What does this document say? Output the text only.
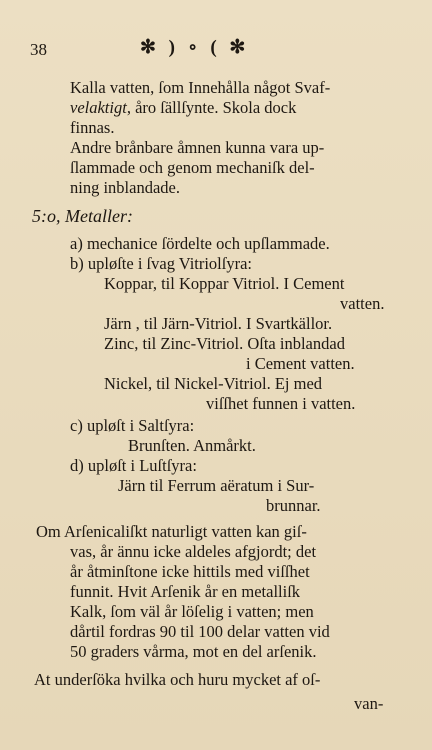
38	✻ ) ∘ ( ✻
Kalla vatten, ſom Innehålla något Svaf-
velaktigt, åro ſällſynte. Skola dock
finnas.
Andre brånbare åmnen kunna vara up-
ſlammade och genom mechaniſk del-
ning inblandade.
5:o, Metaller:
a) mechanice ſördelte och upſlammade.
b) upløſte i ſvag Vitriolſyra:
Koppar, til Koppar Vitriol. I Cement
vatten.
Järn , til Järn-Vitriol. I Svartkällor.
Zinc, til Zinc-Vitriol. Oſta inblandad
i Cement vatten.
Nickel, til Nickel-Vitriol. Ej med
viſſhet funnen i vatten.
c) upløſt i Saltſyra:
Brunſten. Anmårkt.
d) upløſt i Luſtſyra:
Järn til Ferrum aëratum i Sur-
brunnar.
Om Arſenicaliſkt naturligt vatten kan giſ-
vas, år ännu icke aldeles afgjordt; det
år åtminſtone icke hittils med viſſhet
funnit. Hvit Arſenik år en metalliſk
Kalk, ſom väl år löſelig i vatten; men
dårtil fordras 90 til 100 delar vatten vid
50 graders vårma, mot en del arſenik.
At underſöka hvilka och huru mycket af oſ-
van-
